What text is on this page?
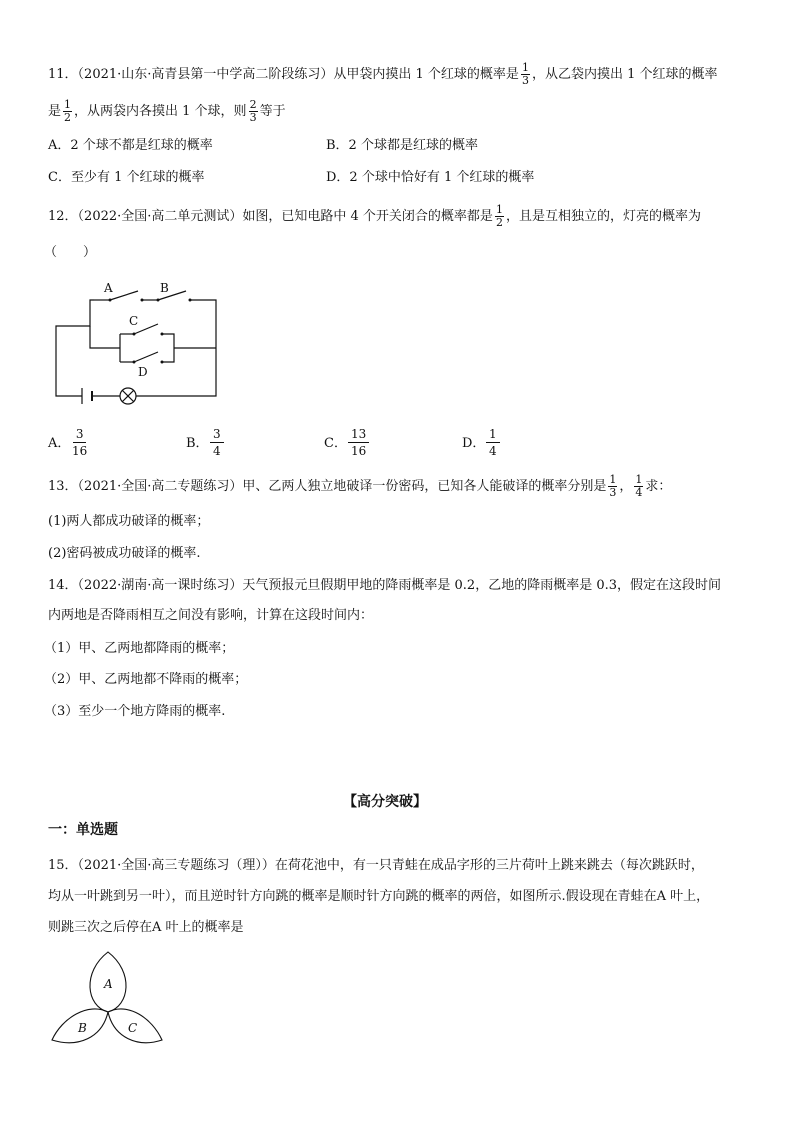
11．（2021·山东·高青县第一中学高二阶段练习）从甲袋内摸出 1 个红球的概率是 $\frac{1}{3}$ ，从乙袋内摸出 1 个红球的概率
是 $\frac{1}{2}$ ，从两袋内各摸出 1 个球，则 $\frac{2}{3}$ 等于
A．2 个球不都是红球的概率	B．2 个球都是红球的概率
C．至少有 1 个红球的概率	D．2 个球中恰好有 1 个红球的概率
12．（2022·全国·高二单元测试）如图，已知电路中 4 个开关闭合的概率都是 $\frac{1}{2}$ ，且是互相独立的，灯亮的概率为
（　　）
A	B
C
D
A． $\frac{3}{16}$	B． $\frac{3}{4}$	C． $\frac{13}{16}$	D． $\frac{1}{4}$
13．（2021·全国·高二专题练习）甲、乙两人独立地破译一份密码，已知各人能破译的概率分别是 $\frac{1}{3}$ ， $\frac{1}{4}$ 求：
(1)两人都成功破译的概率；
(2)密码被成功破译的概率.
14．（2022·湖南·高一课时练习）天气预报元旦假期甲地的降雨概率是 0.2，乙地的降雨概率是 0.3，假定在这段时间
内两地是否降雨相互之间没有影响，计算在这段时间内：
（1）甲、乙两地都降雨的概率；
（2）甲、乙两地都不降雨的概率；
（3）至少一个地方降雨的概率.
【高分突破】
一：单选题
15．（2021·全国·高三专题练习（理））在荷花池中，有一只青蛙在成品字形的三片荷叶上跳来跳去（每次跳跃时，
均从一叶跳到另一叶），而且逆时针方向跳的概率是顺时针方向跳的概率的两倍，如图所示.假设现在青蛙在A 叶上，
则跳三次之后停在A 叶上的概率是
A
B	C
